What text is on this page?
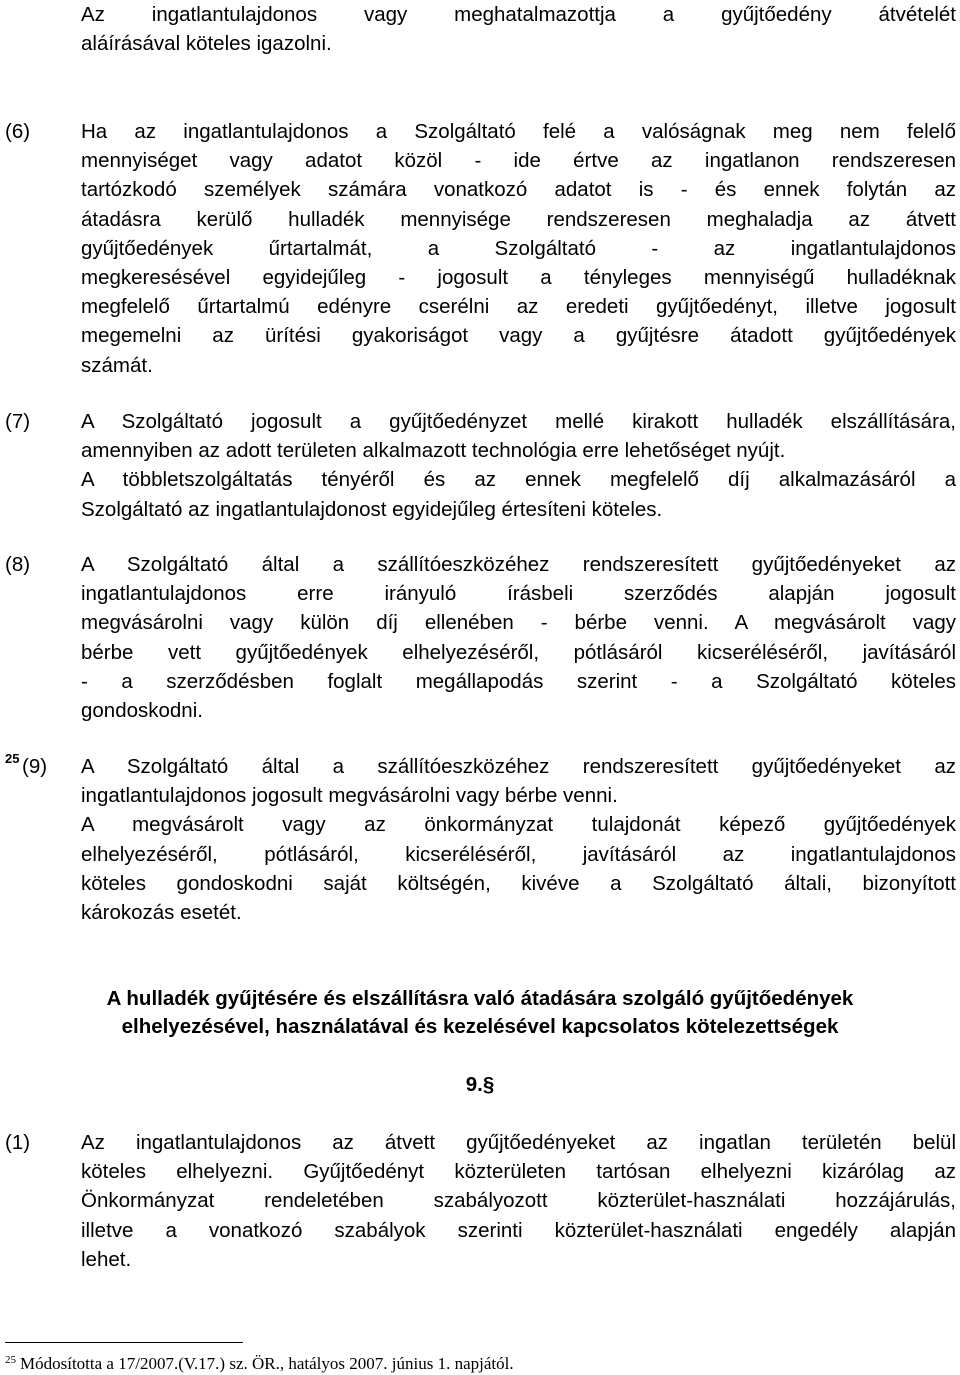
Az ingatlantulajdonos vagy meghatalmazottja a gyűjtőedény átvételét
aláírásával köteles igazolni.
(6) Ha az ingatlantulajdonos a Szolgáltató felé a valóságnak meg nem felelő
mennyiséget vagy adatot közöl - ide értve az ingatlanon rendszeresen
tartózkodó személyek számára vonatkozó adatot is - és ennek folytán az
átadásra kerülő hulladék mennyisége rendszeresen meghaladja az átvett
gyűjtőedények űrtartalmát, a Szolgáltató - az ingatlantulajdonos
megkeresésével egyidejűleg - jogosult a tényleges mennyiségű hulladéknak
megfelelő űrtartalmú edényre cserélni az eredeti gyűjtőedényt, illetve jogosult
megemelni az ürítési gyakoriságot vagy a gyűjtésre átadott gyűjtőedények
számát.
(7) A Szolgáltató jogosult a gyűjtőedényzet mellé kirakott hulladék elszállítására,
amennyiben az adott területen alkalmazott technológia erre lehetőséget nyújt.
A többletszolgáltatás tényéről és az ennek megfelelő díj alkalmazásáról a
Szolgáltató az ingatlantulajdonost egyidejűleg értesíteni köteles.
(8) A Szolgáltató által a szállítóeszközéhez rendszeresített gyűjtőedényeket az
ingatlantulajdonos erre irányuló írásbeli szerződés alapján jogosult
megvásárolni vagy külön díj ellenében - bérbe venni. A megvásárolt vagy
bérbe vett gyűjtőedények elhelyezéséről, pótlásáról kicseréléséről, javításáról
- a szerződésben foglalt megállapodás szerint - a Szolgáltató köteles
gondoskodni.
25 (9) A Szolgáltató által a szállítóeszközéhez rendszeresített gyűjtőedényeket az
ingatlantulajdonos jogosult megvásárolni vagy bérbe venni.
A megvásárolt vagy az önkormányzat tulajdonát képező gyűjtőedények
elhelyezéséről, pótlásáról, kicseréléséről, javításáról az ingatlantulajdonos
köteles gondoskodni saját költségén, kivéve a Szolgáltató általi, bizonyított
károkozás esetét.
A hulladék gyűjtésére és elszállításra való átadására szolgáló gyűjtőedények
elhelyezésével, használatával és kezelésével kapcsolatos kötelezettségek
9.§
(1) Az ingatlantulajdonos az átvett gyűjtőedényeket az ingatlan területén belül
köteles elhelyezni. Gyűjtőedényt közterületen tartósan elhelyezni kizárólag az
Önkormányzat rendeletében szabályozott közterület-használati hozzájárulás,
illetve a vonatkozó szabályok szerinti közterület-használati engedély alapján
lehet.
$^{25}$ Módosította a 17/2007.(V.17.) sz. ÖR., hatályos 2007. június 1. napjától.
